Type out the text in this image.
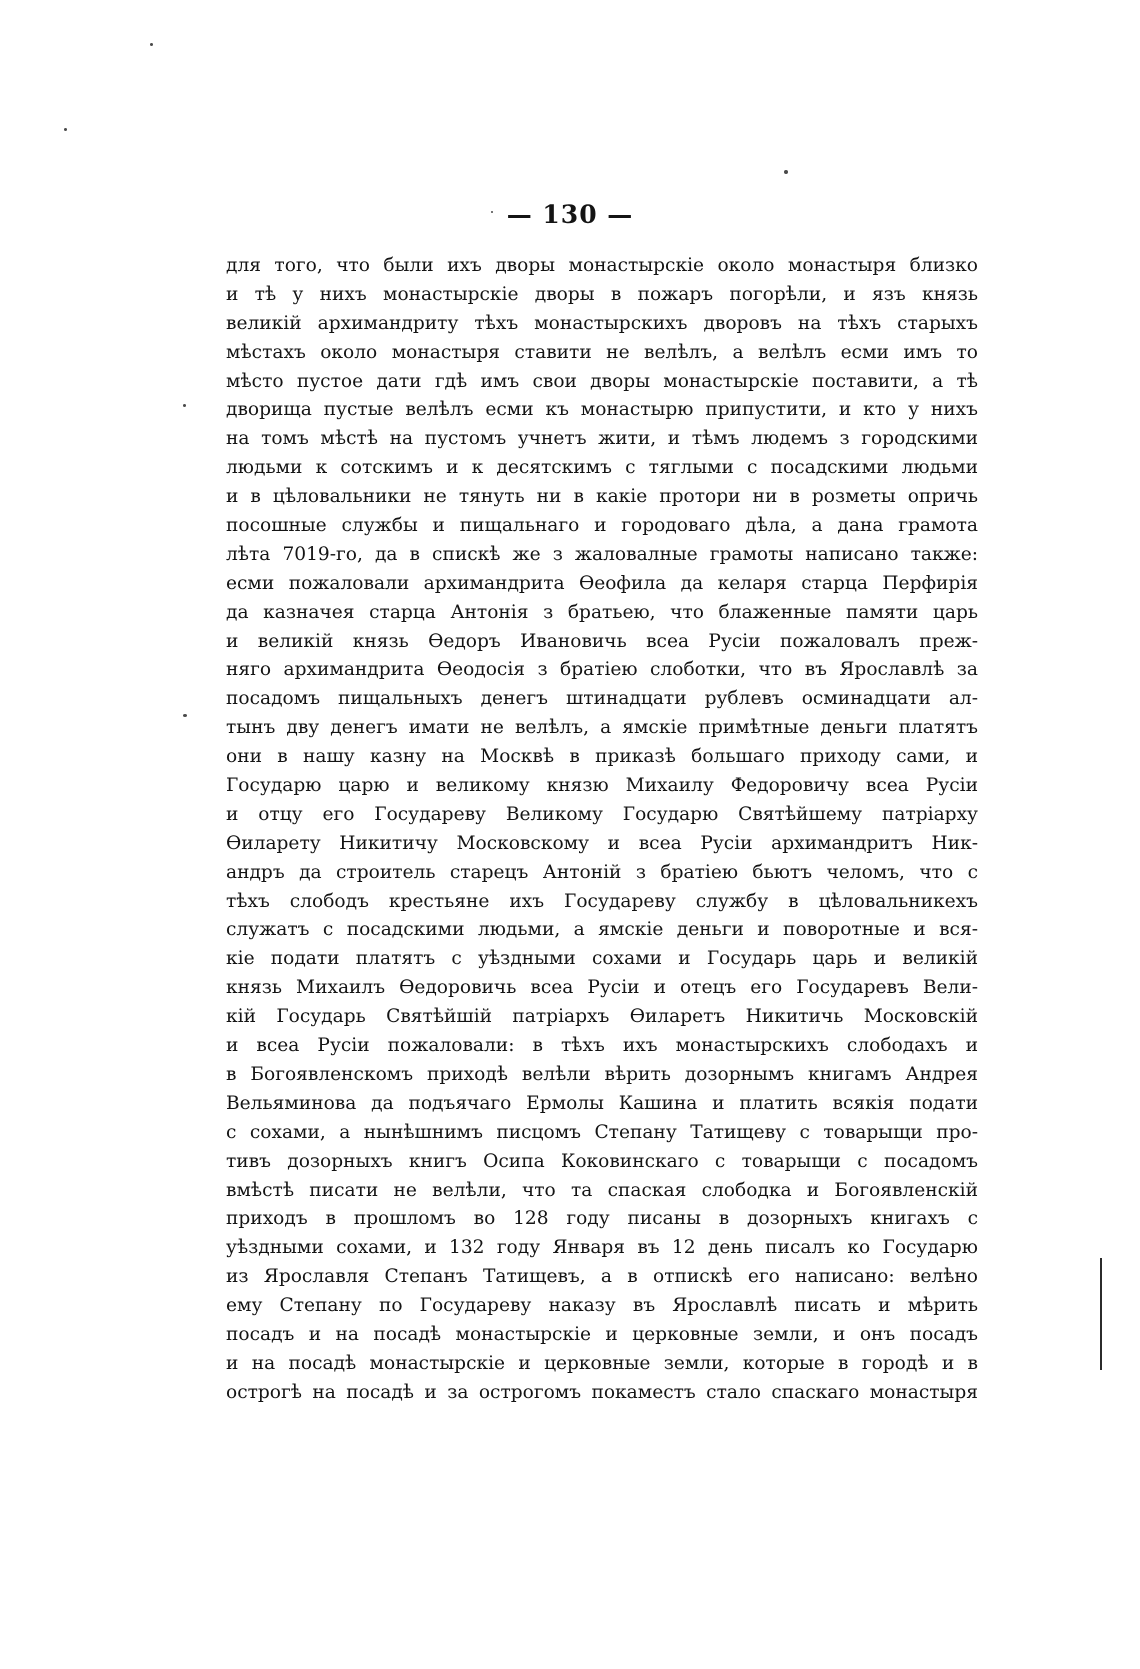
— 130 —
для того, что были ихъ дворы монастырскіе около монастыря близко
и тѣ у нихъ монастырскіе дворы в пожаръ погорѣли, и язъ князь
великій архимандриту тѣхъ монастырскихъ дворовъ на тѣхъ старыхъ
мѣстахъ около монастыря ставити не велѣлъ, а велѣлъ есми имъ то
мѣсто пустое дати гдѣ имъ свои дворы монастырскіе поставити, а тѣ
дворища пустые велѣлъ есми къ монастырю припустити, и кто у нихъ
на томъ мѣстѣ на пустомъ учнетъ жити, и тѣмъ людемъ з городскими
людьми к сотскимъ и к десятскимъ с тяглыми с посадскими людьми
и в цѣловальники не тянуть ни в какіе протори ни в розметы опричь
посошные службы и пищальнаго и городоваго дѣла, а дана грамота
лѣта 7019-го, да в спискѣ же з жаловалные грамоты написано также:
есми пожаловали архимандрита Ѳеофила да келаря старца Перфирія
да казначея старца Антонія з братьею, что блаженные памяти царь
и великій князь Ѳедоръ Ивановичь всеа Русіи пожаловалъ преж-
няго архимандрита Ѳеодосія з братіею слоботки, что въ Ярославлѣ за
посадомъ пищальныхъ денегъ штинадцати рублевъ осминадцати ал-
тынъ дву денегъ имати не велѣлъ, а ямскіе примѣтные деньги платятъ
они в нашу казну на Москвѣ в приказѣ большаго приходу сами, и
Государю царю и великому князю Михаилу Федоровичу всеа Русіи
и отцу его Государеву Великому Государю Святѣйшему патріарху
Ѳиларету Никитичу Московскому и всеа Русіи архимандритъ Ник-
андръ да строитель старецъ Антоній з братіею бьютъ челомъ, что с
тѣхъ слободъ крестьяне ихъ Государеву службу в цѣловальникехъ
служатъ с посадскими людьми, а ямскіе деньги и поворотные и вся-
кіе подати платятъ с уѣздными сохами и Государь царь и великій
князь Михаилъ Ѳедоровичь всеа Русіи и отецъ его Государевъ Вели-
кій Государь Святѣйшій патріархъ Ѳиларетъ Никитичь Московскій
и всеа Русіи пожаловали: в тѣхъ ихъ монастырскихъ слободахъ и
в Богоявленскомъ приходѣ велѣли вѣрить дозорнымъ книгамъ Андрея
Вельяминова да подъячаго Ермолы Кашина и платить всякія подати
с сохами, а нынѣшнимъ писцомъ Степану Татищеву с товарыщи про-
тивъ дозорныхъ книгъ Осипа Коковинскаго с товарыщи с посадомъ
вмѣстѣ писати не велѣли, что та спаская слободка и Богоявленскій
приходъ в прошломъ во 128 году писаны в дозорныхъ книгахъ с
уѣздными сохами, и 132 году Января въ 12 день писалъ ко Государю
из Ярославля Степанъ Татищевъ, а в отпискѣ его написано: велѣно
ему Степану по Государеву наказу въ Ярославлѣ писать и мѣрить
посадъ и на посадѣ монастырскіе и церковные земли, и онъ посадъ
и на посадѣ монастырскіе и церковные земли, которые в городѣ и в
острогѣ на посадѣ и за острогомъ покаместъ стало спаскаго монастыря
